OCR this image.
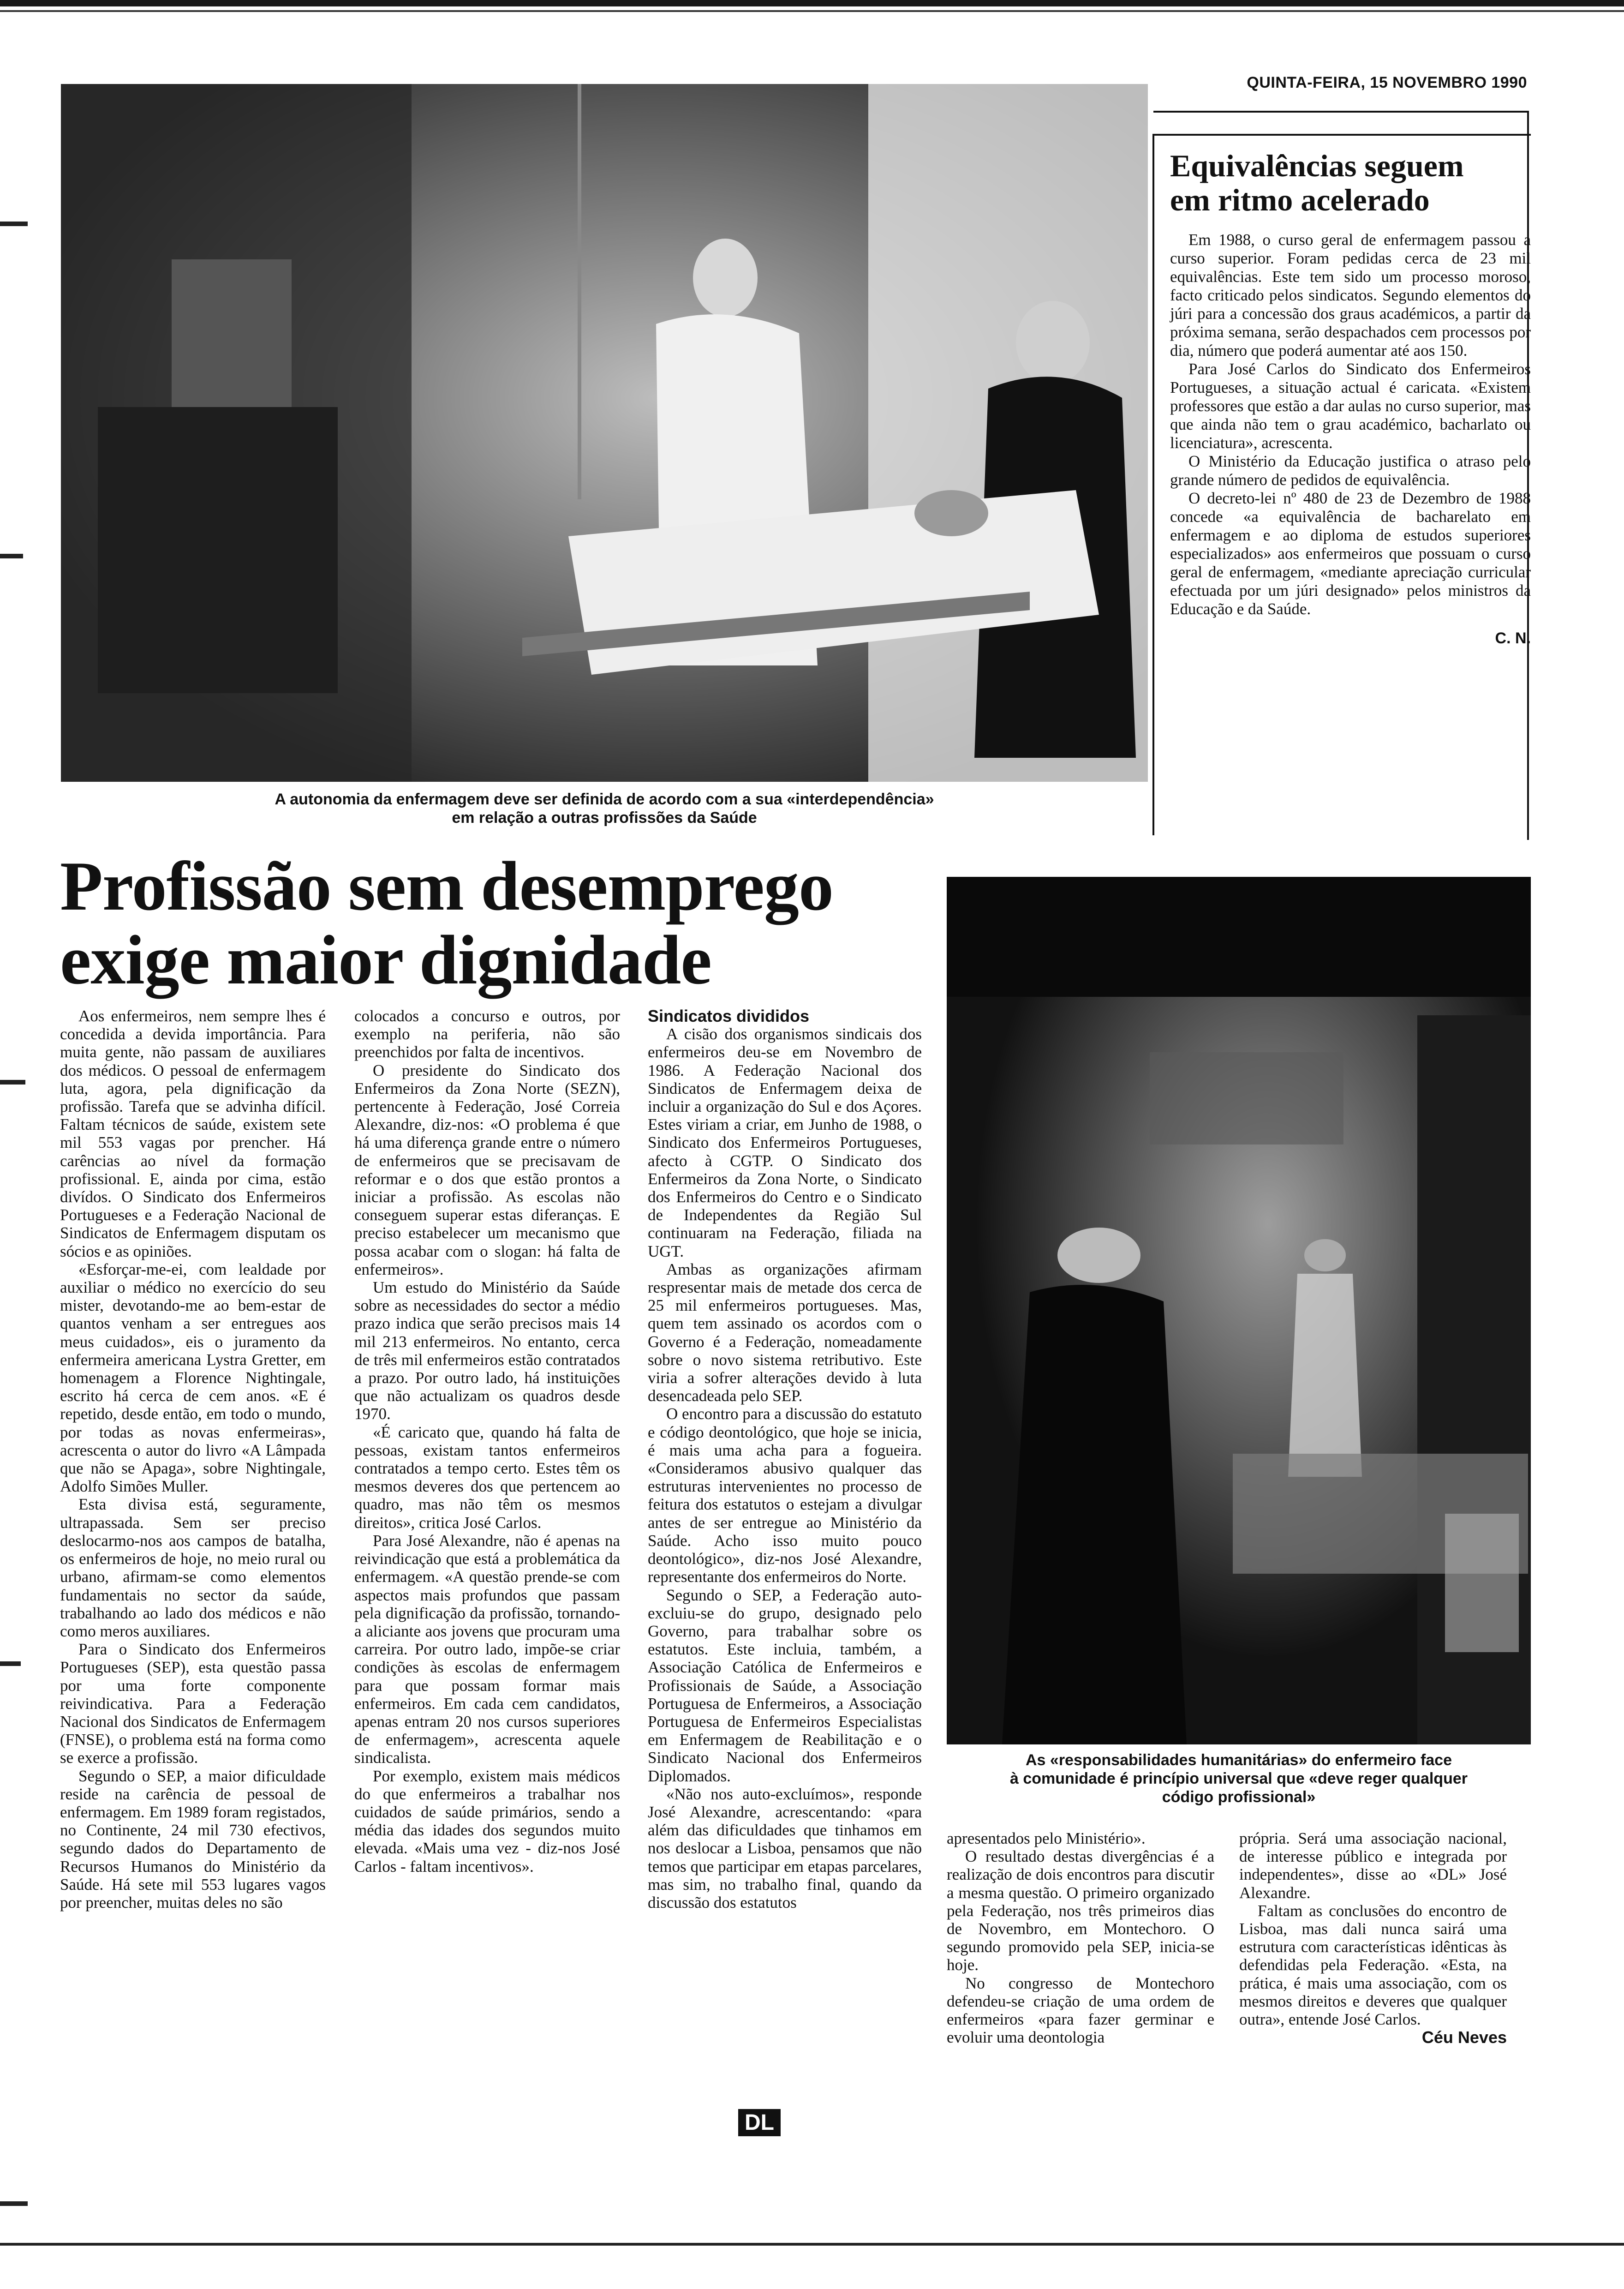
QUINTA-FEIRA, 15 NOVEMBRO 1990
A autonomia da enfermagem deve ser definida de acordo com a sua «interdependência»
em relação a outras profissões da Saúde
Equivalências seguem em ritmo acelerado

Em 1988, o curso geral de enfermagem passou a curso superior. Foram pedidas cerca de 23 mil equivalências. Este tem sido um processo moroso, facto criticado pelos sindicatos. Segundo elementos do júri para a concessão dos graus académicos, a partir da próxima semana, serão despachados cem processos por dia, número que poderá aumentar até aos 150.

Para José Carlos do Sindicato dos Enfermeiros Portugueses, a situação actual é caricata. «Existem professores que estão a dar aulas no curso superior, mas que ainda não tem o grau académico, bacharlato ou licenciatura», acrescenta.

O Ministério da Educação justifica o atraso pelo grande número de pedidos de equivalência.

O decreto-lei nº 480 de 23 de Dezembro de 1988 concede «a equivalência de bacharelato em enfermagem e ao diploma de estudos superiores especializados» aos enfermeiros que possuam o curso geral de enfermagem, «mediante apreciação curricular efectuada por um júri designado» pelos ministros da Educação e da Saúde.

C. N.
Profissão sem desemprego
exige maior dignidade
As «responsabilidades humanitárias» do enfermeiro face
à comunidade é princípio universal que «deve reger qualquer
código profissional»

Aos enfermeiros, nem sempre lhes é concedida a devida importância. Para muita gente, não passam de auxiliares dos médicos. O pessoal de enfermagem luta, agora, pela dignificação da profissão. Tarefa que se advinha difícil. Faltam técnicos de saúde, existem sete mil 553 vagas por prencher. Há carências ao nível da formação profissional. E, ainda por cima, estão divídos. O Sindicato dos Enfermeiros Portugueses e a Federação Nacional de Sindicatos de Enfermagem disputam os sócios e as opiniões.

«Esforçar-me-ei, com lealdade por auxiliar o médico no exercício do seu mister, devotando-me ao bem-estar de quantos venham a ser entregues aos meus cuidados», eis o juramento da enfermeira americana Lystra Gretter, em homenagem a Florence Nightingale, escrito há cerca de cem anos. «E é repetido, desde então, em todo o mundo, por todas as novas enfermeiras», acrescenta o autor do livro «A Lâmpada que não se Apaga», sobre Nightingale, Adolfo Simões Muller.

Esta divisa está, seguramente, ultrapassada. Sem ser preciso deslocarmo-nos aos campos de batalha, os enfermeiros de hoje, no meio rural ou urbano, afirmam-se como elementos fundamentais no sector da saúde, trabalhando ao lado dos médicos e não como meros auxiliares.

Para o Sindicato dos Enfermeiros Portugueses (SEP), esta questão passa por uma forte componente reivindicativa. Para a Federação Nacional dos Sindicatos de Enfermagem (FNSE), o problema está na forma como se exerce a profissão.

Segundo o SEP, a maior dificuldade reside na carência de pessoal de enfermagem. Em 1989 foram registados, no Continente, 24 mil 730 efectivos, segundo dados do Departamento de Recursos Humanos do Ministério da Saúde. Há sete mil 553 lugares vagos por preencher, muitas deles no são

colocados a concurso e outros, por exemplo na periferia, não são preenchidos por falta de incentivos.

O presidente do Sindicato dos Enfermeiros da Zona Norte (SEZN), pertencente à Federação, José Correia Alexandre, diz-nos: «O problema é que há uma diferença grande entre o número de enfermeiros que se precisavam de reformar e o dos que estão prontos a iniciar a profissão. As escolas não conseguem superar estas diferanças. E preciso estabelecer um mecanismo que possa acabar com o slogan: há falta de enfermeiros».

Um estudo do Ministério da Saúde sobre as necessidades do sector a médio prazo indica que serão precisos mais 14 mil 213 enfermeiros. No entanto, cerca de três mil enfermeiros estão contratados a prazo. Por outro lado, há instituições que não actualizam os quadros desde 1970.

«É caricato que, quando há falta de pessoas, existam tantos enfermeiros contratados a tempo certo. Estes têm os mesmos deveres dos que pertencem ao quadro, mas não têm os mesmos direitos», critica José Carlos.

Para José Alexandre, não é apenas na reivindicação que está a problemática da enfermagem. «A questão prende-se com aspectos mais profundos que passam pela dignificação da profissão, tornando-a aliciante aos jovens que procuram uma carreira. Por outro lado, impõe-se criar condições às escolas de enfermagem para que possam formar mais enfermeiros. Em cada cem candidatos, apenas entram 20 nos cursos superiores de enfermagem», acrescenta aquele sindicalista.

Por exemplo, existem mais médicos do que enfermeiros a trabalhar nos cuidados de saúde primários, sendo a média das idades dos segundos muito elevada. «Mais uma vez - diz-nos José Carlos - faltam incentivos».

Sindicatos divididos

A cisão dos organismos sindicais dos enfermeiros deu-se em Novembro de 1986. A Federação Nacional dos Sindicatos de Enfermagem deixa de incluir a organização do Sul e dos Açores. Estes viriam a criar, em Junho de 1988, o Sindicato dos Enfermeiros Portugueses, afecto à CGTP. O Sindicato dos Enfermeiros da Zona Norte, o Sindicato dos Enfermeiros do Centro e o Sindicato de Independentes da Região Sul continuaram na Federação, filiada na UGT.

Ambas as organizações afirmam respresentar mais de metade dos cerca de 25 mil enfermeiros portugueses. Mas, quem tem assinado os acordos com o Governo é a Federação, nomeadamente sobre o novo sistema retributivo. Este viria a sofrer alterações devido à luta desencadeada pelo SEP.

O encontro para a discussão do estatuto e código deontológico, que hoje se inicia, é mais uma acha para a fogueira. «Consideramos abusivo qualquer das estruturas intervenientes no processo de feitura dos estatutos o estejam a divulgar antes de ser entregue ao Ministério da Saúde. Acho isso muito pouco deontológico», diz-nos José Alexandre, representante dos enfermeiros do Norte.

Segundo o SEP, a Federação auto-excluiu-se do grupo, designado pelo Governo, para trabalhar sobre os estatutos. Este incluia, também, a Associação Católica de Enfermeiros e Profissionais de Saúde, a Associação Portuguesa de Enfermeiros, a Associação Portuguesa de Enfermeiros Especialistas em Enfermagem de Reabilitação e o Sindicato Nacional dos Enfermeiros Diplomados.

«Não nos auto-excluímos», responde José Alexandre, acrescentando: «para além das dificuldades que tinhamos em nos deslocar a Lisboa, pensamos que não temos que participar em etapas parcelares, mas sim, no trabalho final, quando da discussão dos estatutos

apresentados pelo Ministério».

O resultado destas divergências é a realização de dois encontros para discutir a mesma questão. O primeiro organizado pela Federação, nos três primeiros dias de Novembro, em Montechoro. O segundo promovido pela SEP, inicia-se hoje.

No congresso de Montechoro defendeu-se criação de uma ordem de enfermeiros «para fazer germinar e evoluir uma deontologia

própria. Será uma associação nacional, de interesse público e integrada por independentes», disse ao «DL» José Alexandre.

Faltam as conclusões do encontro de Lisboa, mas dali nunca sairá uma estrutura com características idênticas às defendidas pela Federação. «Esta, na prática, é mais uma associação, com os mesmos direitos e deveres que qualquer outra», entende José Carlos.

Céu Neves
DL
